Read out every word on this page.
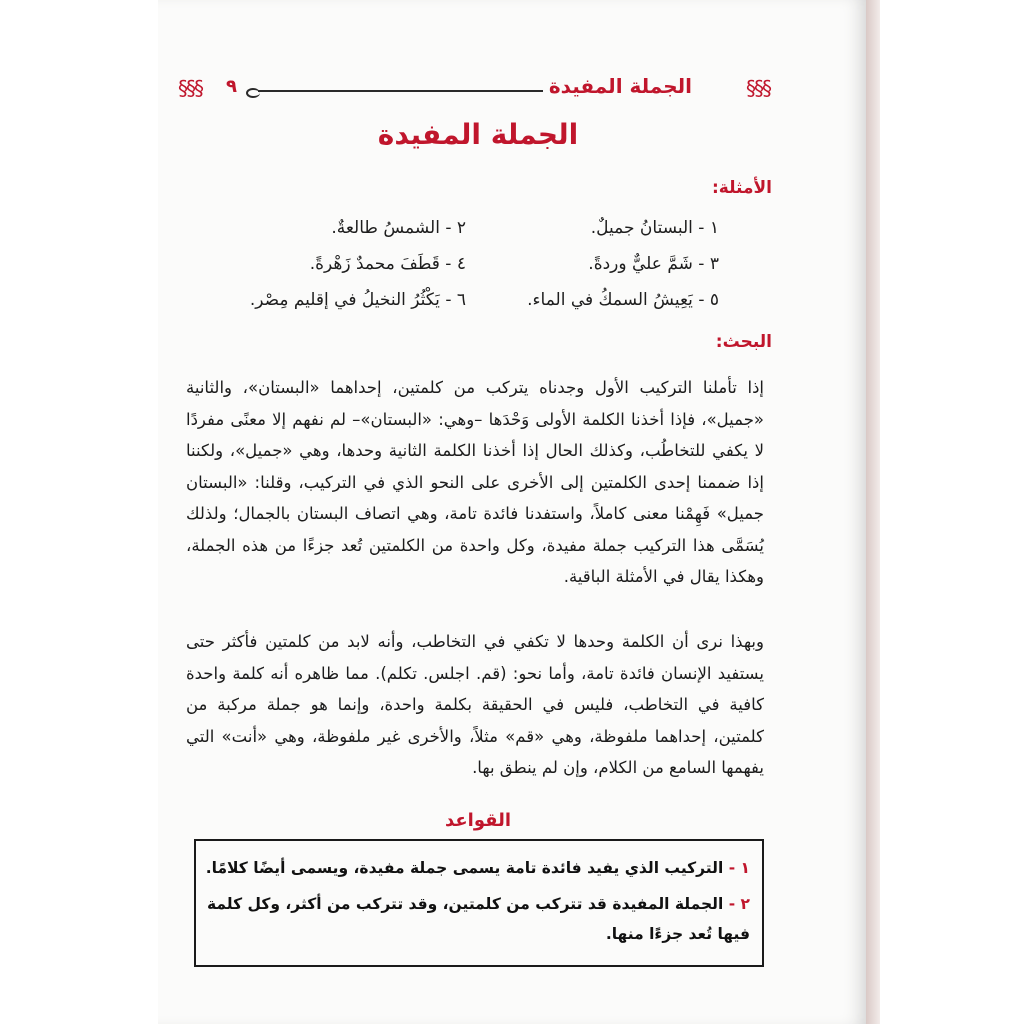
§§§ ٩	الجملة المفيدة	§§§
الجملة المفيدة
الأمثلة:
١ - البستانُ جميلٌ.
٢ - الشمسُ طالعةٌ.
٣ - شَمَّ عليٌّ وردةً.
٤ - قَطَفَ محمدٌ زَهْرةً.
٥ - يَعِيشُ السمكُ في الماء.
٦ - يَكْثُرُ النخيلُ في إقليم مِصْر.
البحث:
إذا تأملنا التركيب الأول وجدناه يتركب من كلمتين، إحداهما «البستان»، والثانية «جميل»، فإذا أخذنا الكلمة الأولى وَحْدَها –وهي: «البستان»– لم نفهم إلا معنًى مفردًا لا يكفي للتخاطُب، وكذلك الحال إذا أخذنا الكلمة الثانية وحدها، وهي «جميل»، ولكننا إذا ضممنا إحدى الكلمتين إلى الأخرى على النحو الذي في التركيب، وقلنا: «البستان جميل» فَهِمْنا معنى كاملاً، واستفدنا فائدة تامة، وهي اتصاف البستان بالجمال؛ ولذلك يُسَمَّى هذا التركيب جملة مفيدة، وكل واحدة من الكلمتين تُعد جزءًا من هذه الجملة، وهكذا يقال في الأمثلة الباقية.
وبهذا نرى أن الكلمة وحدها لا تكفي في التخاطب، وأنه لابد من كلمتين فأكثر حتى يستفيد الإنسان فائدة تامة، وأما نحو: (قم. اجلس. تكلم). مما ظاهره أنه كلمة واحدة كافية في التخاطب، فليس في الحقيقة بكلمة واحدة، وإنما هو جملة مركبة من كلمتين، إحداهما ملفوظة، وهي «قم» مثلاً، والأخرى غير ملفوظة، وهي «أنت» التي يفهمها السامع من الكلام، وإن لم ينطق بها.
القواعد
١ - التركيب الذي يفيد فائدة تامة يسمى جملة مفيدة، ويسمى أيضًا كلامًا.
٢ - الجملة المفيدة قد تتركب من كلمتين، وقد تتركب من أكثر، وكل كلمة فيها تُعد جزءًا منها.
